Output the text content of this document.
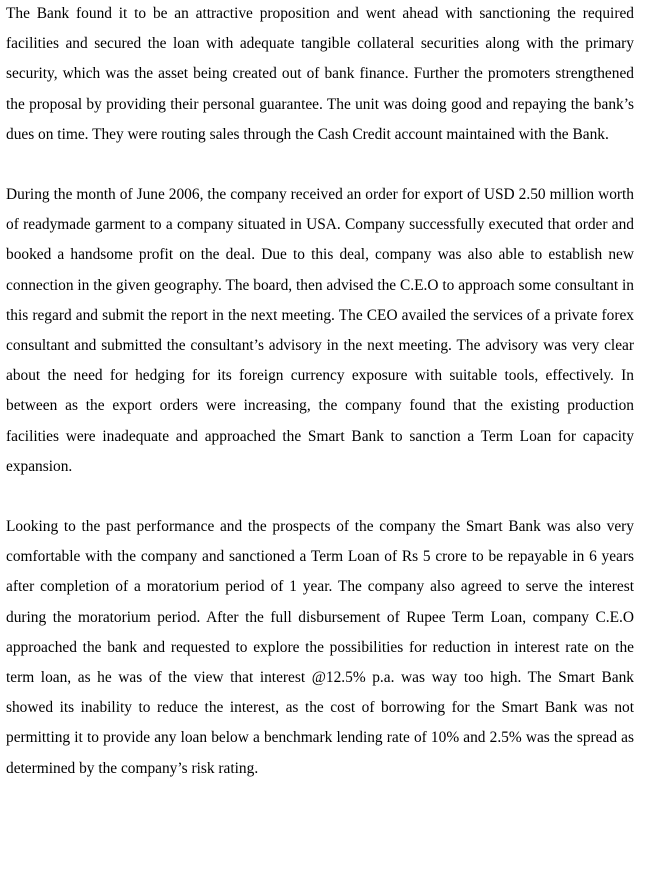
The Bank found it to be an attractive proposition and went ahead with sanctioning the required facilities and secured the loan with adequate tangible collateral securities along with the primary security, which was the asset being created out of bank finance. Further the promoters strengthened the proposal by providing their personal guarantee. The unit was doing good and repaying the bank’s dues on time. They were routing sales through the Cash Credit account maintained with the Bank.

During the month of June 2006, the company received an order for export of USD 2.50 million worth of readymade garment to a company situated in USA. Company successfully executed that order and booked a handsome profit on the deal. Due to this deal, company was also able to establish new connection in the given geography. The board, then advised the C.E.O to approach some consultant in this regard and submit the report in the next meeting. The CEO availed the services of a private forex consultant and submitted the consultant’s advisory in the next meeting. The advisory was very clear about the need for hedging for its foreign currency exposure with suitable tools, effectively. In between as the export orders were increasing, the company found that the existing production facilities were inadequate and approached the Smart Bank to sanction a Term Loan for capacity expansion.

Looking to the past performance and the prospects of the company the Smart Bank was also very comfortable with the company and sanctioned a Term Loan of Rs 5 crore to be repayable in 6 years after completion of a moratorium period of 1 year. The company also agreed to serve the interest during the moratorium period. After the full disbursement of Rupee Term Loan, company C.E.O approached the bank and requested to explore the possibilities for reduction in interest rate on the term loan, as he was of the view that interest @12.5% p.a. was way too high. The Smart Bank showed its inability to reduce the interest, as the cost of borrowing for the Smart Bank was not permitting it to provide any loan below a benchmark lending rate of 10% and 2.5% was the spread as determined by the company’s risk rating.
